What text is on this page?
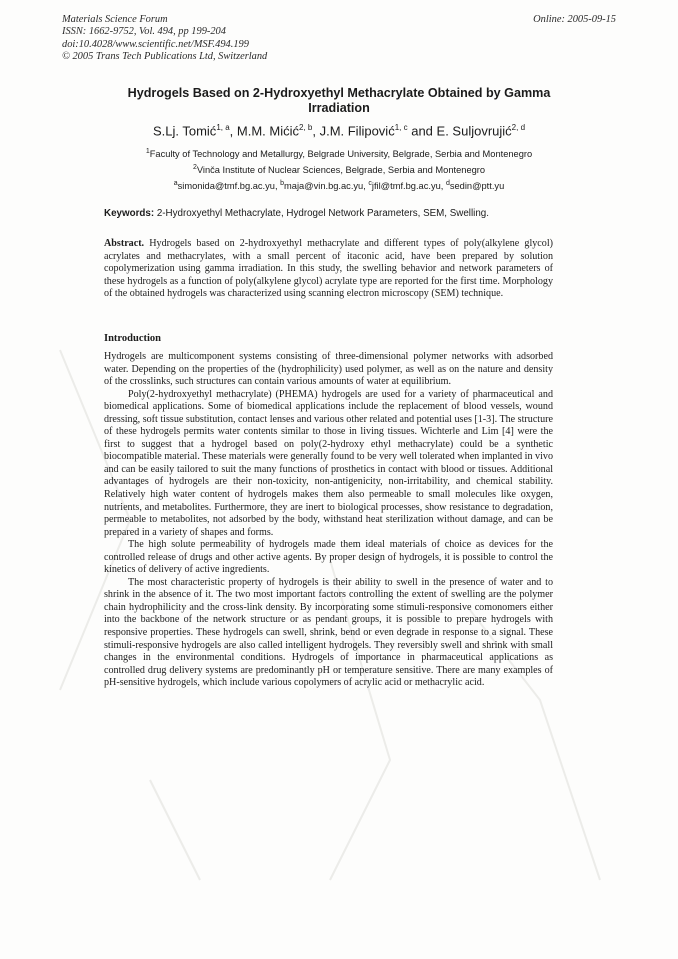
Materials Science Forum
ISSN: 1662-9752, Vol. 494, pp 199-204
doi:10.4028/www.scientific.net/MSF.494.199
© 2005 Trans Tech Publications Ltd, Switzerland
Online: 2005-09-15
Hydrogels Based on 2-Hydroxyethyl Methacrylate Obtained by Gamma Irradiation
S.Lj. Tomić$^{1, a}$, M.M. Mićić$^{2, b}$, J.M. Filipović$^{1, c}$ and E. Suljovrujić$^{2, d}$
$^1$Faculty of Technology and Metallurgy, Belgrade University, Belgrade, Serbia and Montenegro
$^2$Vinča Institute of Nuclear Sciences, Belgrade, Serbia and Montenegro
$^a$simonida@tmf.bg.ac.yu, $^b$maja@vin.bg.ac.yu, $^c$jfil@tmf.bg.ac.yu, $^d$sedin@ptt.yu
Keywords: 2-Hydroxyethyl Methacrylate, Hydrogel Network Parameters, SEM, Swelling.

Abstract. Hydrogels based on 2-hydroxyethyl methacrylate and different types of poly(alkylene glycol) acrylates and methacrylates, with a small percent of itaconic acid, have been prepared by solution copolymerization using gamma irradiation. In this study, the swelling behavior and network parameters of these hydrogels as a function of poly(alkylene glycol) acrylate type are reported for the first time. Morphology of the obtained hydrogels was characterized using scanning electron microscopy (SEM) technique.

Introduction

Hydrogels are multicomponent systems consisting of three-dimensional polymer networks with adsorbed water. Depending on the properties of the (hydrophilicity) used polymer, as well as on the nature and density of the crosslinks, such structures can contain various amounts of water at equilibrium.

Poly(2-hydroxyethyl methacrylate) (PHEMA) hydrogels are used for a variety of pharmaceutical and biomedical applications. Some of biomedical applications include the replacement of blood vessels, wound dressing, soft tissue substitution, contact lenses and various other related and potential uses [1-3]. The structure of these hydrogels permits water contents similar to those in living tissues. Wichterle and Lim [4] were the first to suggest that a hydrogel based on poly(2-hydroxy ethyl methacrylate) could be a synthetic biocompatible material. These materials were generally found to be very well tolerated when implanted in vivo and can be easily tailored to suit the many functions of prosthetics in contact with blood or tissues. Additional advantages of hydrogels are their non-toxicity, non-antigenicity, non-irritability, and chemical stability. Relatively high water content of hydrogels makes them also permeable to small molecules like oxygen, nutrients, and metabolites. Furthermore, they are inert to biological processes, show resistance to degradation, permeable to metabolites, not adsorbed by the body, withstand heat sterilization without damage, and can be prepared in a variety of shapes and forms.

The high solute permeability of hydrogels made them ideal materials of choice as devices for the controlled release of drugs and other active agents. By proper design of hydrogels, it is possible to control the kinetics of delivery of active ingredients.

The most characteristic property of hydrogels is their ability to swell in the presence of water and to shrink in the absence of it. The two most important factors controlling the extent of swelling are the polymer chain hydrophilicity and the cross-link density. By incorporating some stimuli-responsive comonomers either into the backbone of the network structure or as pendant groups, it is possible to prepare hydrogels with responsive properties. These hydrogels can swell, shrink, bend or even degrade in response to a signal. These stimuli-responsive hydrogels are also called intelligent hydrogels. They reversibly swell and shrink with small changes in the environmental conditions. Hydrogels of importance in pharmaceutical applications as controlled drug delivery systems are predominantly pH or temperature sensitive. There are many examples of pH-sensitive hydrogels, which include various copolymers of acrylic acid or methacrylic acid.
